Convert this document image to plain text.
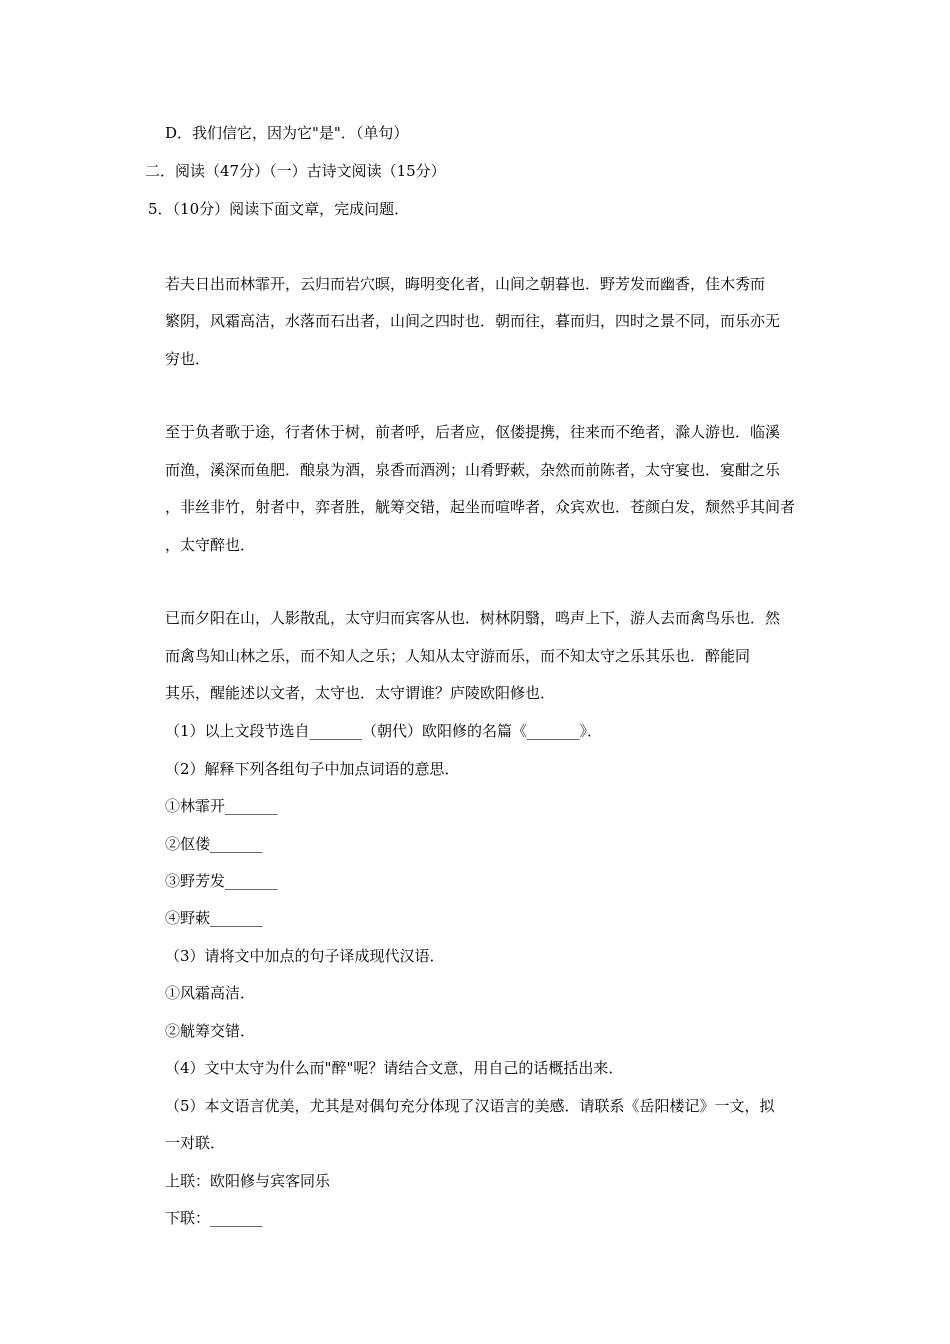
D．我们信它，因为它"是"．（单句）
二．阅读（47分）（一）古诗文阅读（15分）
5．（10分）阅读下面文章，完成问题．
若夫日出而林霏开，云归而岩穴暝，晦明变化者，山间之朝暮也．野芳发而幽香，佳木秀而
繁阴，风霜高洁，水落而石出者，山间之四时也．朝而往，暮而归，四时之景不同，而乐亦无
穷也．
至于负者歌于途，行者休于树，前者呼，后者应，伛偻提携，往来而不绝者，滁人游也．临溪
而渔，溪深而鱼肥．酿泉为酒，泉香而酒洌；山肴野蔌，杂然而前陈者，太守宴也．宴酣之乐
，非丝非竹，射者中，弈者胜，觥筹交错，起坐而喧哗者，众宾欢也．苍颜白发，颓然乎其间者
，太守醉也．
已而夕阳在山，人影散乱，太守归而宾客从也．树林阴翳，鸣声上下，游人去而禽鸟乐也．然
而禽鸟知山林之乐，而不知人之乐；人知从太守游而乐，而不知太守之乐其乐也．醉能同
其乐，醒能述以文者，太守也．太守谓谁？庐陵欧阳修也．
（1）以上文段节选自_______（朝代）欧阳修的名篇《_______》．
（2）解释下列各组句子中加点词语的意思．
①林霏开_______
②伛偻_______
③野芳发_______
④野蔌_______
（3）请将文中加点的句子译成现代汉语．
①风霜高洁．
②觥筹交错．
（4）文中太守为什么而"醉"呢？请结合文意，用自己的话概括出来．
（5）本文语言优美，尤其是对偶句充分体现了汉语言的美感．请联系《岳阳楼记》一文，拟
一对联．
上联：欧阳修与宾客同乐
下联：_______
